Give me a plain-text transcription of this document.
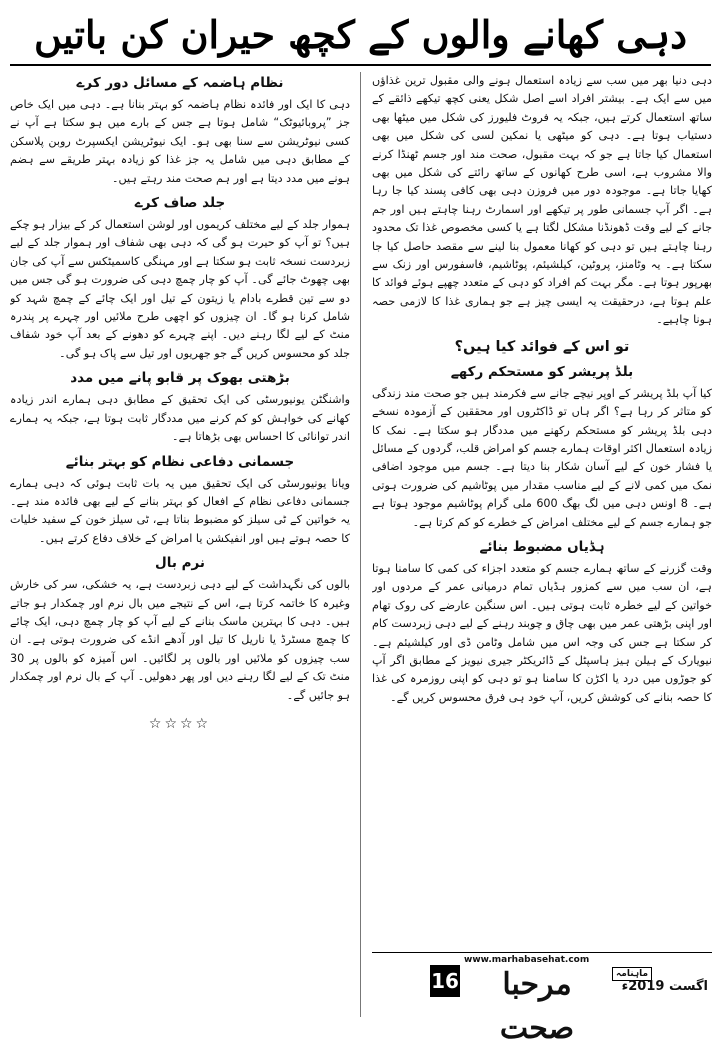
دہی کھانے والوں کے کچھ حیران کن باتیں

دہی دنیا بھر میں سب سے زیادہ استعمال ہونے والی مقبول ترین غذاؤں میں سے ایک ہے۔ بیشتر افراد اسے اصل شکل یعنی کچھ تیکھے ذائقے کے ساتھ استعمال کرتے ہیں، جبکہ یہ فروٹ فلیورز کی شکل میں میٹھا بھی دستیاب ہوتا ہے۔ دہی کو میٹھی یا نمکین لسی کی شکل میں بھی استعمال کیا جاتا ہے جو کہ بہت مقبول، صحت مند اور جسم ٹھنڈا کرنے والا مشروب ہے، اسی طرح کھانوں کے ساتھ رائتے کی شکل میں بھی کھایا جاتا ہے۔ موجودہ دور میں فروزن دہی بھی کافی پسند کیا جا رہا ہے۔ اگر آپ جسمانی طور پر تیکھے اور اسمارٹ رہنا چاہتے ہیں اور جم جانے کے لیے وقت ڈھونڈنا مشکل لگتا ہے یا کسی مخصوص غذا تک محدود رہنا چاہتے ہیں تو دہی کو کھانا معمول بنا لینے سے مقصد حاصل کیا جا سکتا ہے۔ یہ وٹامنز، پروٹین، کیلشیئم، پوٹاشیم، فاسفورس اور زنک سے بھرپور ہوتا ہے۔ مگر بہت کم افراد کو دہی کے متعدد چھپے ہوئے فوائد کا علم ہوتا ہے، درحقیقت یہ ایسی چیز ہے جو ہماری غذا کا لازمی حصہ ہونا چاہیے۔

تو اس کے فوائد کیا ہیں؟
بلڈ پریشر کو مستحکم رکھے

کیا آپ بلڈ پریشر کے اوپر نیچے جانے سے فکرمند ہیں جو صحت مند زندگی کو متاثر کر رہا ہے؟ اگر ہاں تو ڈاکٹروں اور محققین کے آزمودہ نسخے دہی بلڈ پریشر کو مستحکم رکھنے میں مددگار ہو سکتا ہے۔ نمک کا زیادہ استعمال اکثر اوقات ہمارے جسم کو امراض قلب، گردوں کے مسائل یا فشار خون کے لیے آسان شکار بنا دیتا ہے۔ جسم میں موجود اضافی نمک میں کمی لانے کے لیے مناسب مقدار میں پوٹاشیم کی ضرورت ہوتی ہے۔ 8 اونس دہی میں لگ بھگ 600 ملی گرام پوٹاشیم موجود ہوتا ہے جو ہمارے جسم کے لیے مختلف امراض کے خطرے کو کم کرتا ہے۔

ہڈیاں مضبوط بنائے

وقت گزرنے کے ساتھ ہمارے جسم کو متعدد اجزاء کی کمی کا سامنا ہوتا ہے، ان سب میں سے کمزور ہڈیاں تمام درمیانی عمر کے مردوں اور خواتین کے لیے خطرہ ثابت ہوتی ہیں۔ اس سنگین عارضے کی روک تھام اور اپنی بڑھتی عمر میں بھی چاق و چوبند رہنے کے لیے دہی زبردست کام کر سکتا ہے جس کی وجہ اس میں شامل وٹامن ڈی اور کیلشیئم ہے۔ نیویارک کے ہیلن ہیز ہاسپٹل کے ڈائریکٹر جیری نیویز کے مطابق اگر آپ کو جوڑوں میں درد یا اکڑن کا سامنا ہو تو دہی کو اپنی روزمرہ کی غذا کا حصہ بنانے کی کوشش کریں، آپ خود ہی فرق محسوس کریں گے۔

نظام ہاضمہ کے مسائل دور کرے

دہی کا ایک اور فائدہ نظام ہاضمہ کو بہتر بنانا ہے۔ دہی میں ایک خاص جز ”پروبائیوٹک“ شامل ہوتا ہے جس کے بارے میں ہو سکتا ہے آپ نے کسی نیوٹریشن سے سنا بھی ہو۔ ایک نیوٹریشن ایکسپرٹ روبن پلاسکن کے مطابق دہی میں شامل یہ جز غذا کو زیادہ بہتر طریقے سے ہضم ہونے میں مدد دیتا ہے اور ہم صحت مند رہتے ہیں۔

جلد صاف کرے

ہموار جلد کے لیے مختلف کریموں اور لوشن استعمال کر کے بیزار ہو چکے ہیں؟ تو آپ کو حیرت ہو گی کہ دہی بھی شفاف اور ہموار جلد کے لیے زبردست نسخہ ثابت ہو سکتا ہے اور مہنگی کاسمیٹکس سے آپ کی جان بھی چھوٹ جائے گی۔ آپ کو چار چمچ دہی کی ضرورت ہو گی جس میں دو سے تین قطرے بادام یا زیتون کے تیل اور ایک چائے کے چمچ شہد کو شامل کرنا ہو گا۔ ان چیزوں کو اچھی طرح ملائیں اور چہرے پر پندرہ منٹ کے لیے لگا رہنے دیں۔ اپنے چہرے کو دھونے کے بعد آپ خود شفاف جلد کو محسوس کریں گے جو جھریوں اور تیل سے پاک ہو گی۔

بڑھتی بھوک پر قابو پانے میں مدد

واشنگٹن یونیورسٹی کی ایک تحقیق کے مطابق دہی ہمارے اندر زیادہ کھانے کی خواہش کو کم کرنے میں مددگار ثابت ہوتا ہے، جبکہ یہ ہمارے اندر توانائی کا احساس بھی بڑھاتا ہے۔

جسمانی دفاعی نظام کو بہتر بنائے

ویانا یونیورسٹی کی ایک تحقیق میں یہ بات ثابت ہوئی کہ دہی ہمارے جسمانی دفاعی نظام کے افعال کو بہتر بنانے کے لیے بھی فائدہ مند ہے۔ یہ خواتین کے ٹی سیلز کو مضبوط بناتا ہے، ٹی سیلز خون کے سفید خلیات کا حصہ ہوتے ہیں اور انفیکشن یا امراض کے خلاف دفاع کرتے ہیں۔

نرم بال

بالوں کی نگہداشت کے لیے دہی زبردست ہے، یہ خشکی، سر کی خارش وغیرہ کا خاتمہ کرتا ہے، اس کے نتیجے میں بال نرم اور چمکدار ہو جاتے ہیں۔ دہی کا بہترین ماسک بنانے کے لیے آپ کو چار چمچ دہی، ایک چائے کا چمچ مسٹرڈ یا ناریل کا تیل اور آدھے انڈے کی ضرورت ہوتی ہے۔ ان سب چیزوں کو ملائیں اور بالوں پر لگائیں۔ اس آمیزہ کو بالوں پر 30 منٹ تک کے لیے لگا رہنے دیں اور پھر دھولیں۔ آپ کے بال نرم اور چمکدار ہو جائیں گے۔

☆☆☆☆
www.marhabasehat.com
16	مرحبا صحت
ماہنامہ
اگست 2019ء
